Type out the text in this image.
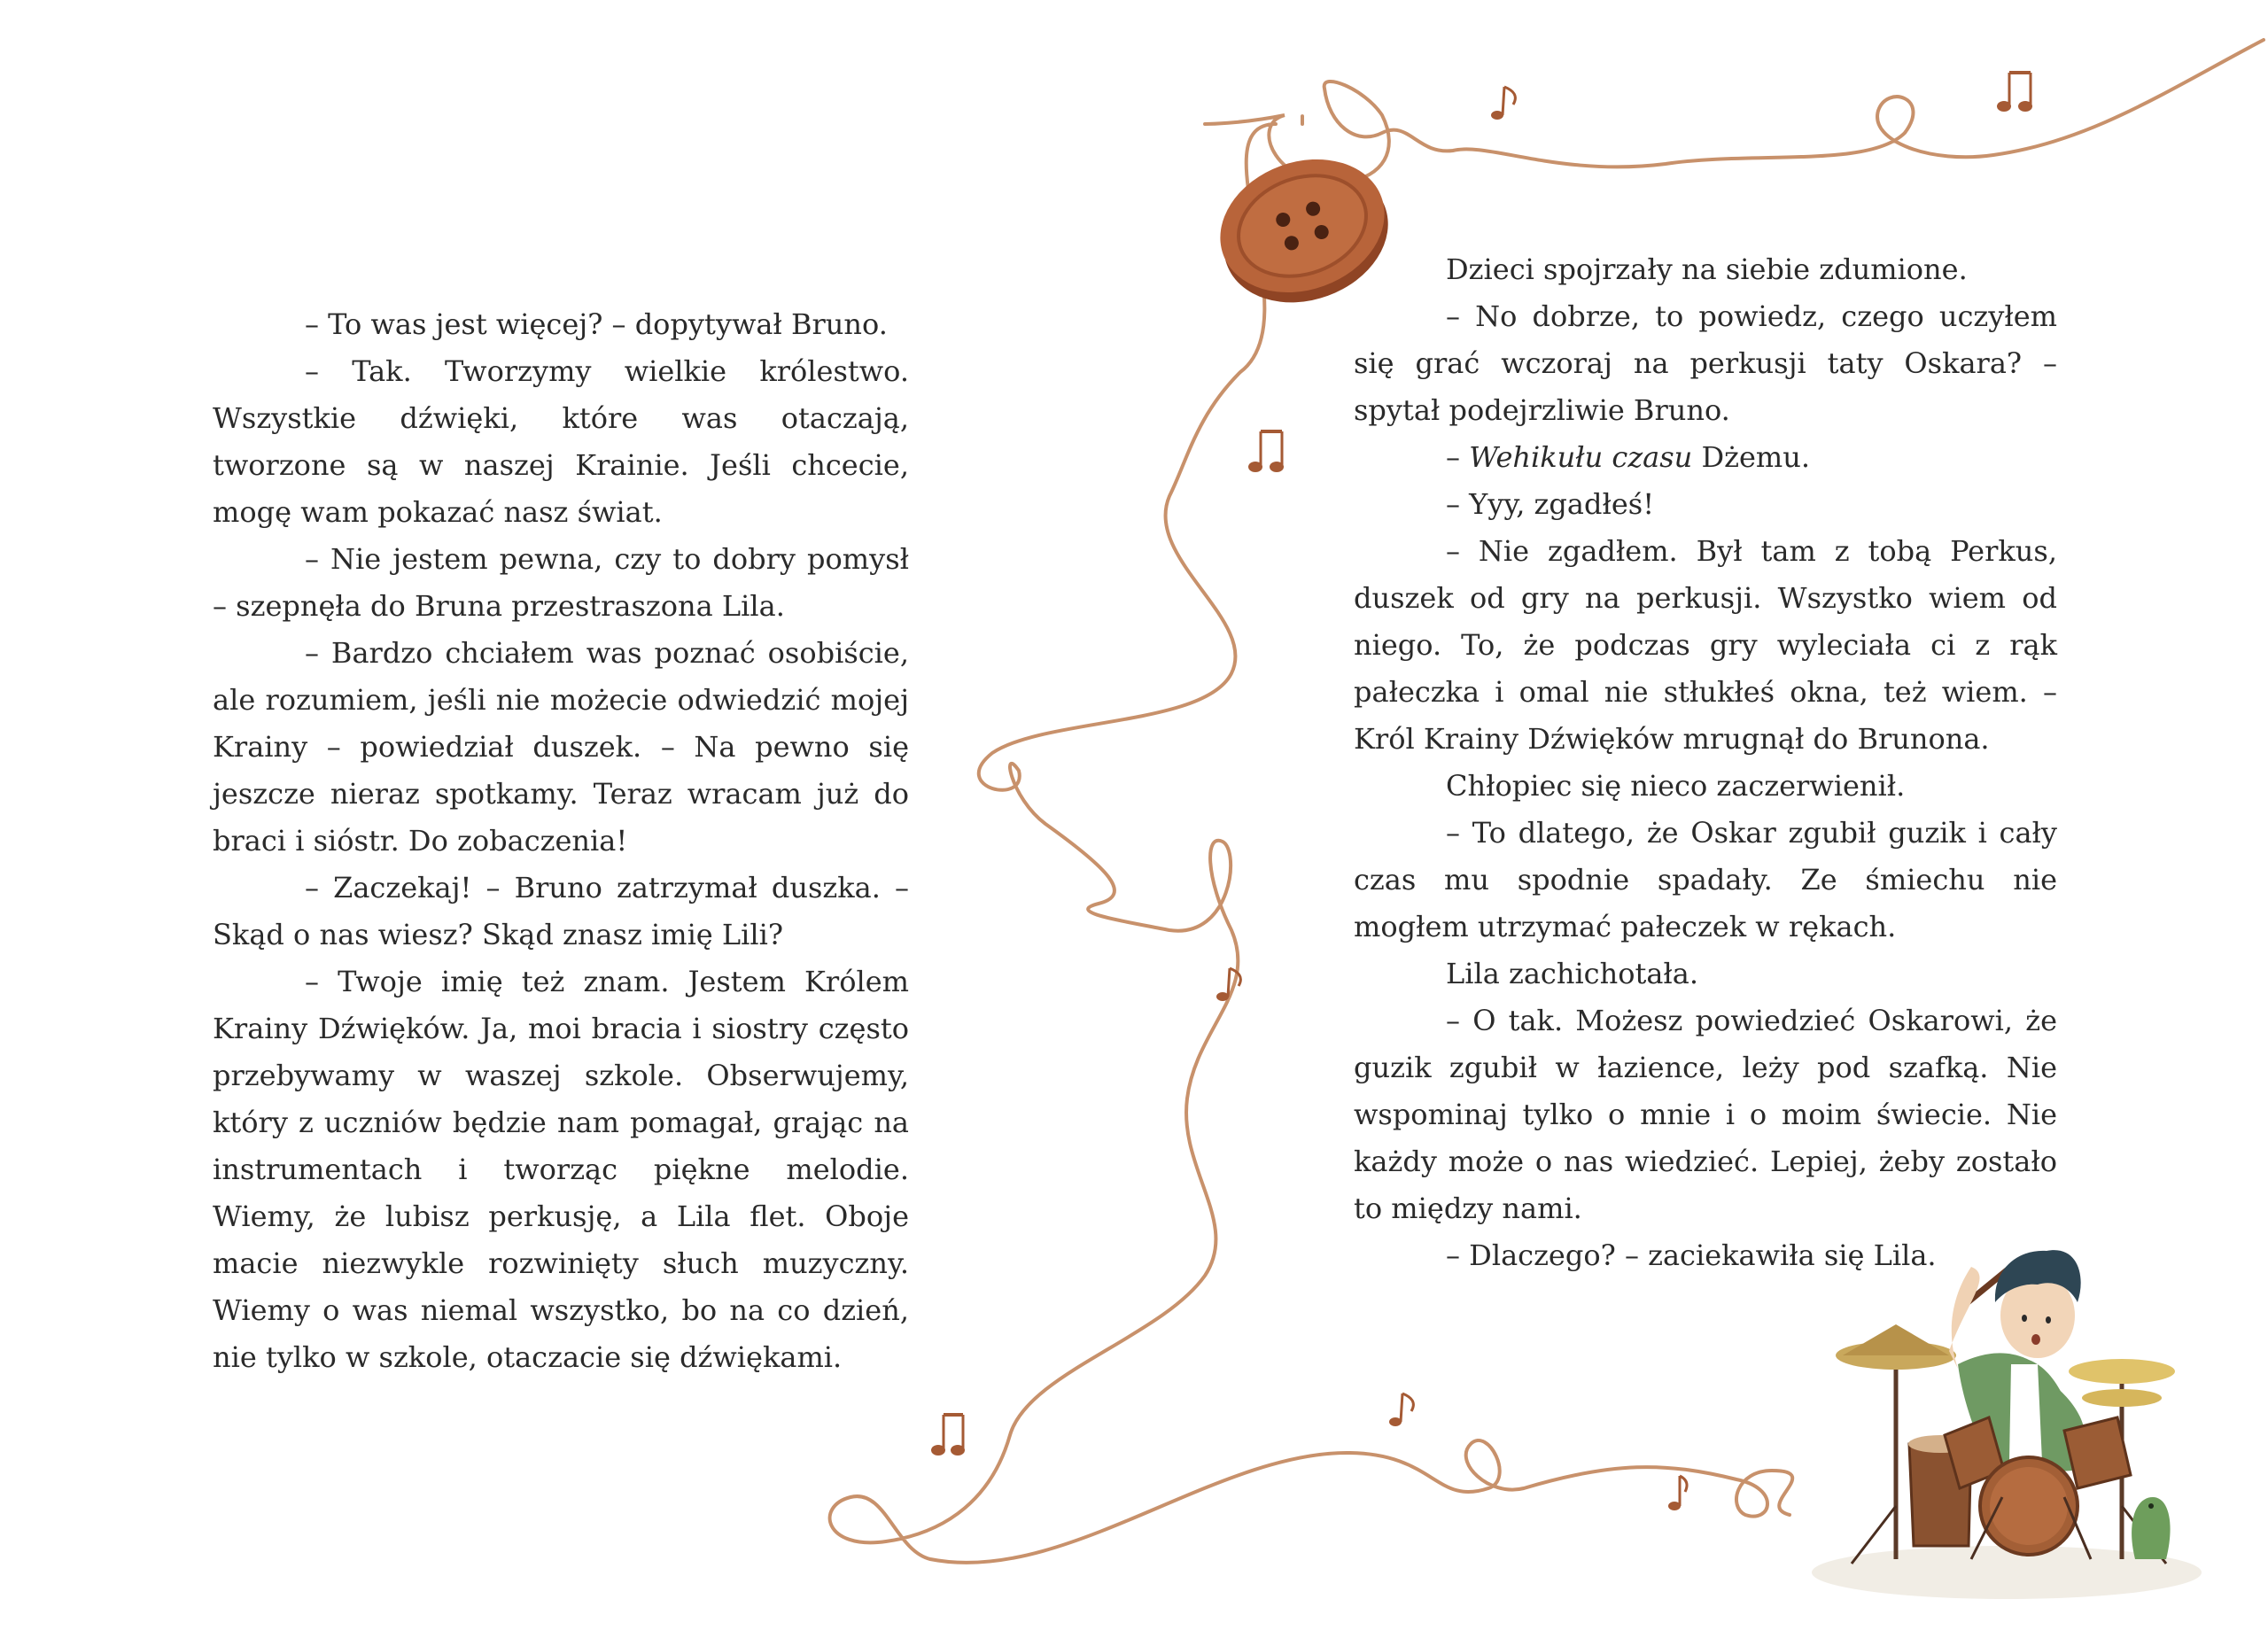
– To was jest więcej? – dopytywał Bruno.

– Tak. Tworzymy wielkie królestwo. Wszystkie dźwięki, które was otaczają, tworzone są w naszej Krainie. Jeśli chcecie, mogę wam pokazać nasz świat.

– Nie jestem pewna, czy to dobry pomysł – szepnęła do Bruna przestraszona Lila.

– Bardzo chciałem was poznać osobiście, ale rozumiem, jeśli nie możecie odwiedzić mojej Krainy – powiedział duszek. – Na pewno się jeszcze nieraz spotkamy. Teraz wracam już do braci i sióstr. Do zobaczenia!

– Zaczekaj! – Bruno zatrzymał duszka. – Skąd o nas wiesz? Skąd znasz imię Lili?

– Twoje imię też znam. Jestem Królem Krainy Dźwięków. Ja, moi bracia i siostry często przebywamy w waszej szkole. Obserwujemy, który z uczniów będzie nam pomagał, grając na instrumentach i tworząc piękne melodie. Wiemy, że lubisz perkusję, a Lila flet. Oboje macie niezwykle rozwinięty słuch muzyczny. Wiemy o was niemal wszystko, bo na co dzień, nie tylko w szkole, otaczacie się dźwiękami.

Dzieci spojrzały na siebie zdumione.

– No dobrze, to powiedz, czego uczyłem się grać wczoraj na perkusji taty Oskara? – spytał podejrzliwie Bruno.

– Wehikułu czasu Dżemu.

– Yyy, zgadłeś!

– Nie zgadłem. Był tam z tobą Perkus, duszek od gry na perkusji. Wszystko wiem od niego. To, że podczas gry wyleciała ci z rąk pałeczka i omal nie stłukłeś okna, też wiem. – Król Krainy Dźwięków mrugnął do Brunona.

Chłopiec się nieco zaczerwienił.

– To dlatego, że Oskar zgubił guzik i cały czas mu spodnie spadały. Ze śmiechu nie mogłem utrzymać pałeczek w rękach.

Lila zachichotała.

– O tak. Możesz powiedzieć Oskarowi, że guzik zgubił w łazience, leży pod szafką. Nie wspominaj tylko o mnie i o moim świecie. Nie każdy może o nas wiedzieć. Lepiej, żeby zostało to między nami.

– Dlaczego? – zaciekawiła się Lila.
